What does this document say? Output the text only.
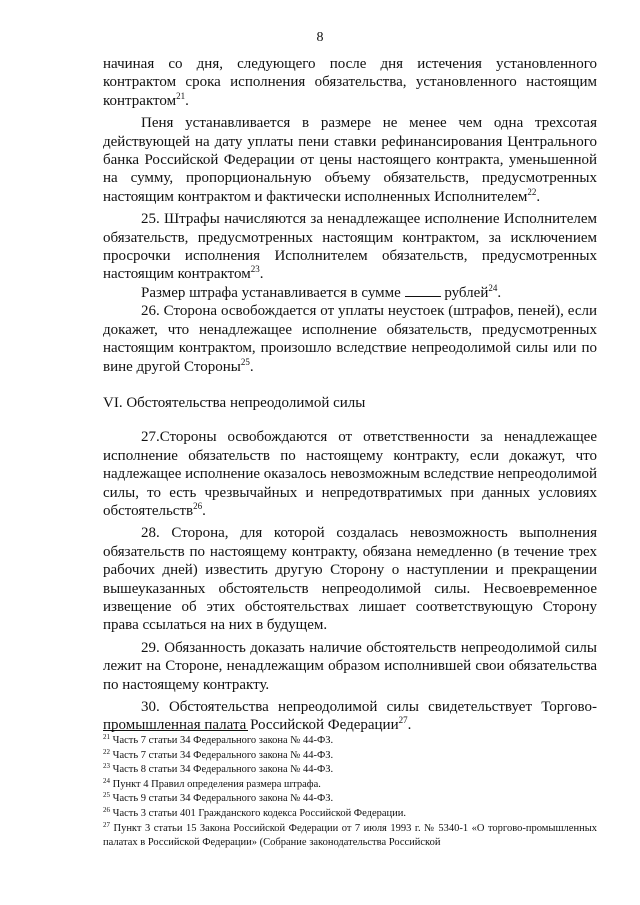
8

начиная со дня, следующего после дня истечения установленного контрактом срока исполнения обязательства, установленного настоящим контрактом$^{21}$.

Пеня устанавливается в размере не менее чем одна трехсотая действующей на дату уплаты пени ставки рефинансирования Центрального банка Российской Федерации от цены настоящего контракта, уменьшенной на сумму, пропорциональную объему обязательств, предусмотренных настоящим контрактом и фактически исполненных Исполнителем$^{22}$.

25. Штрафы начисляются за ненадлежащее исполнение Исполнителем обязательств, предусмотренных настоящим контрактом, за исключением просрочки исполнения Исполнителем обязательств, предусмотренных настоящим контрактом$^{23}$.

Размер штрафа устанавливается в сумме	рублей$^{24}$.

26. Сторона освобождается от уплаты неустоек (штрафов, пеней), если докажет, что ненадлежащее исполнение обязательств, предусмотренных настоящим контрактом, произошло вследствие непреодолимой силы или по вине другой Стороны$^{25}$.

VI. Обстоятельства непреодолимой силы

27.Стороны освобождаются от ответственности за ненадлежащее исполнение обязательств по настоящему контракту, если докажут, что надлежащее исполнение оказалось невозможным вследствие непреодолимой силы, то есть чрезвычайных и непредотвратимых при данных условиях обстоятельств$^{26}$.

28. Сторона, для которой создалась невозможность выполнения обязательств по настоящему контракту, обязана немедленно (в течение трех рабочих дней) известить другую Сторону о наступлении и прекращении вышеуказанных обстоятельств непреодолимой силы. Несвоевременное извещение об этих обстоятельствах лишает соответствующую Сторону права ссылаться на них в будущем.

29. Обязанность доказать наличие обстоятельств непреодолимой силы лежит на Стороне, ненадлежащим образом исполнившей свои обязательства по настоящему контракту.

30. Обстоятельства непреодолимой силы свидетельствует Торгово-промышленная палата Российской Федерации$^{27}$.

$^{21}$ Часть 7 статьи 34 Федерального закона № 44-ФЗ.

$^{22}$ Часть 7 статьи 34 Федерального закона № 44-ФЗ.

$^{23}$ Часть 8 статьи 34 Федерального закона № 44-ФЗ.

$^{24}$ Пункт 4 Правил определения размера штрафа.

$^{25}$ Часть 9 статьи 34 Федерального закона № 44-ФЗ.

$^{26}$ Часть 3 статьи 401 Гражданского кодекса Российской Федерации.

$^{27}$ Пункт 3 статьи 15 Закона Российской Федерации от 7 июля 1993 г. № 5340-1 «О торгово-промышленных палатах в Российской Федерации» (Собрание законодательства Российской
